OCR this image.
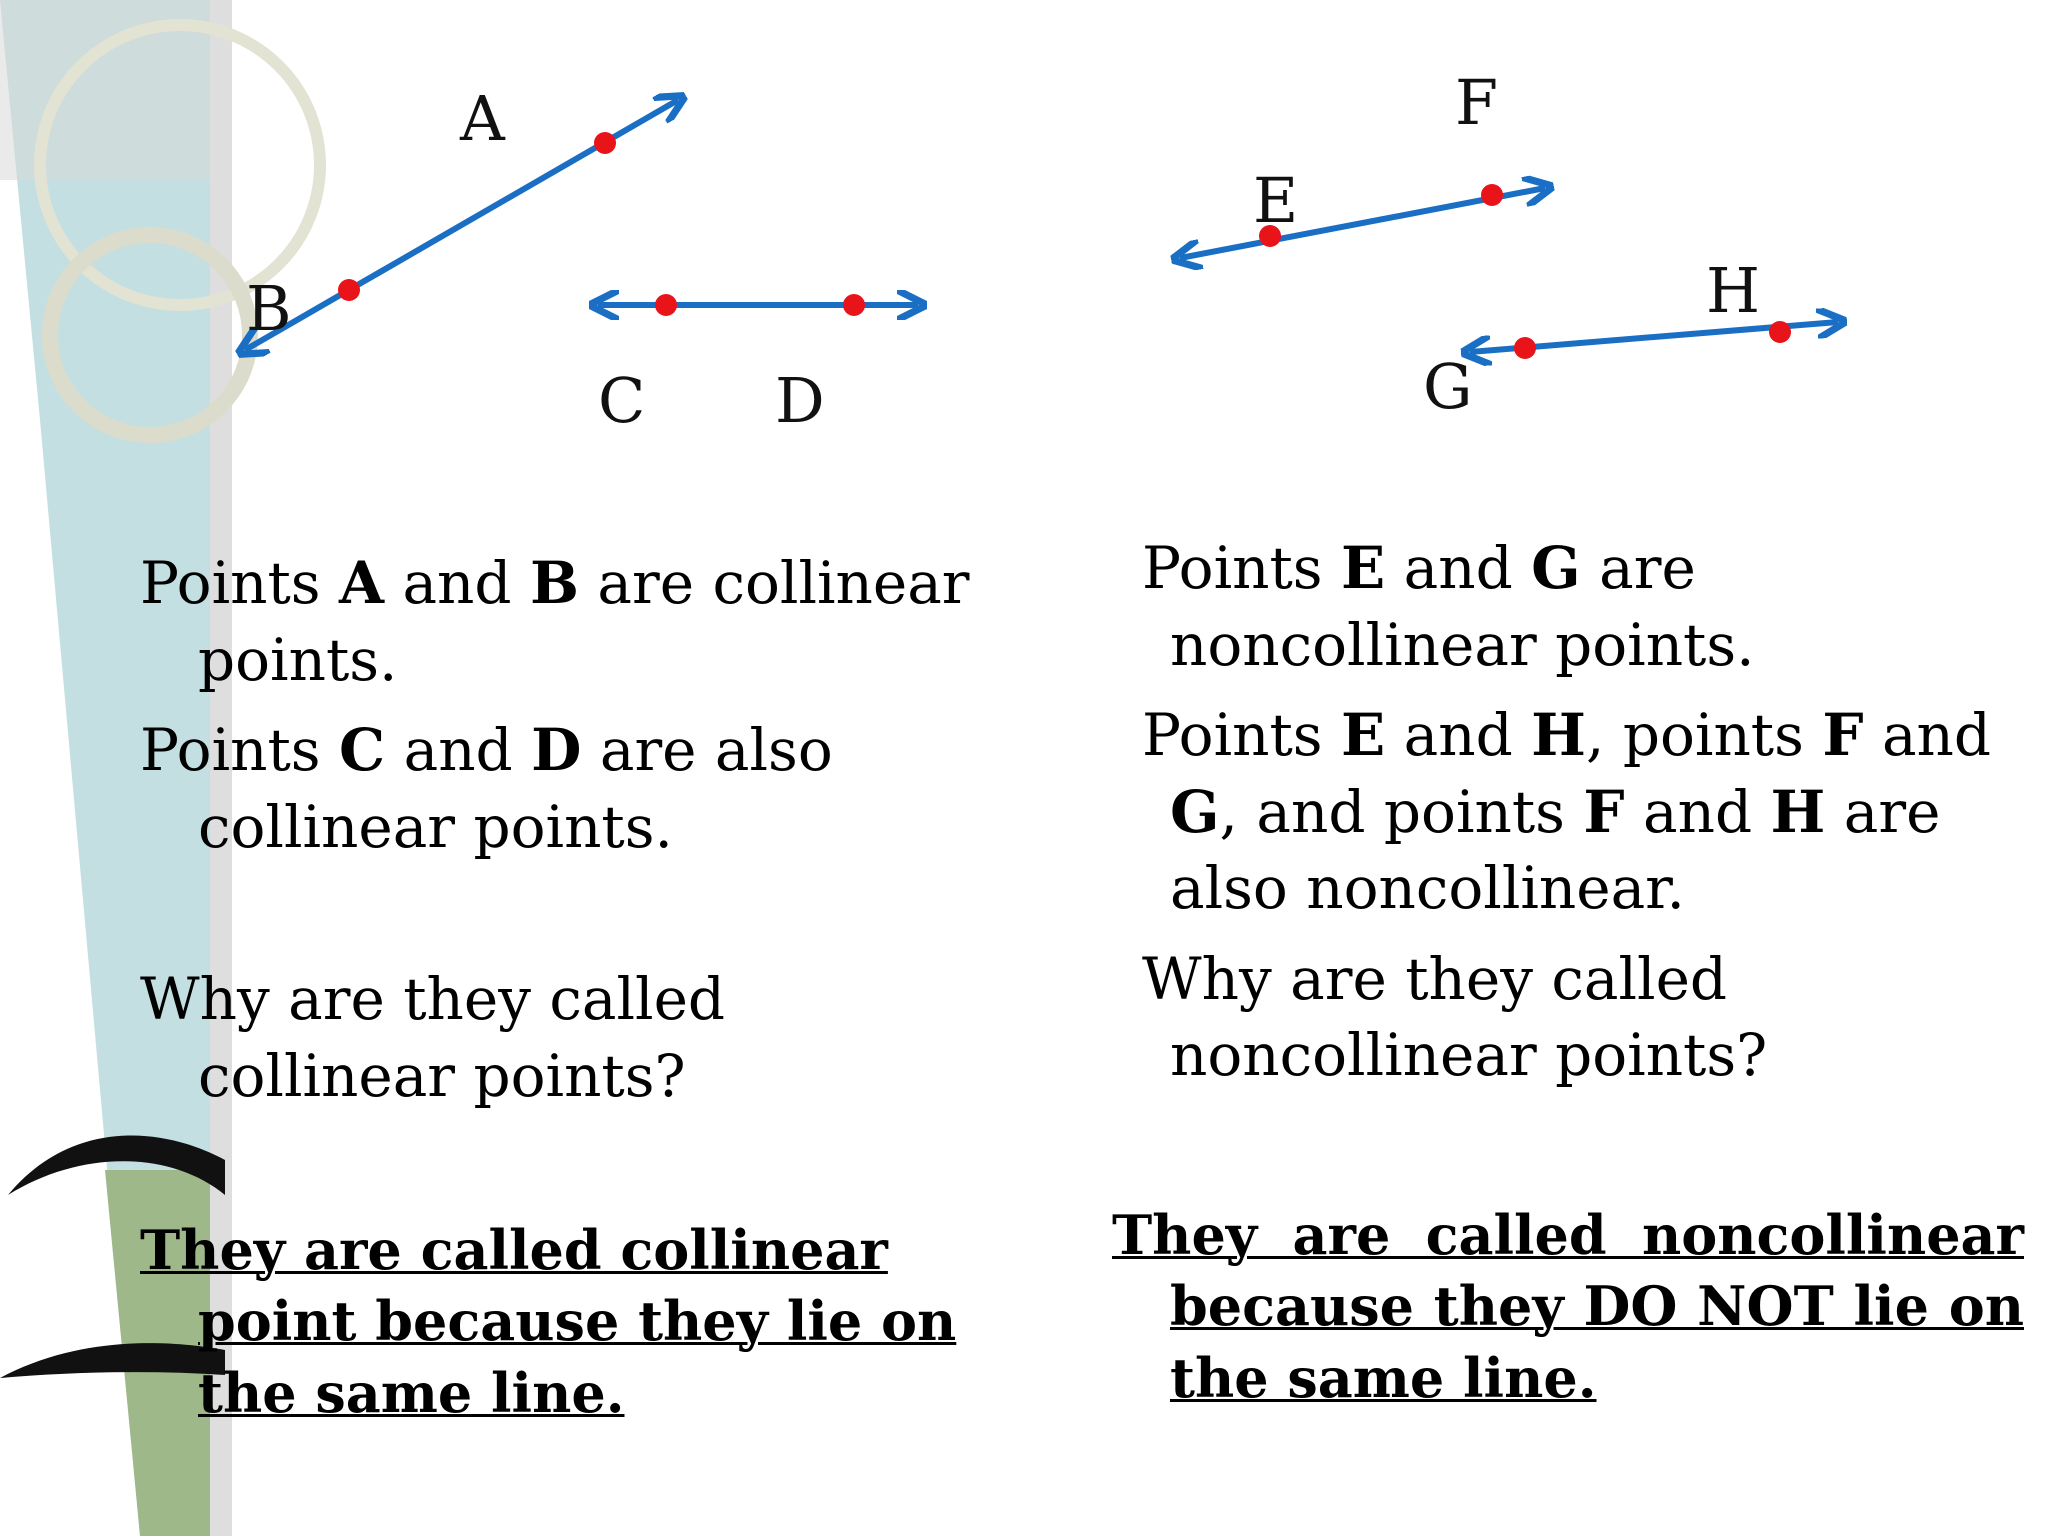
A
B
C D
E
F
G
H

Points A and B are collinear points.

Points C and D are also collinear points.

Why are they called collinear points?

They are called collinear point because they lie on the same line.

Points E and G are noncollinear points.

Points E and H, points F and G, and points F and H are also noncollinear.

Why are they called noncollinear points?

They are called noncollinear because they DO NOT lie on the same line.
